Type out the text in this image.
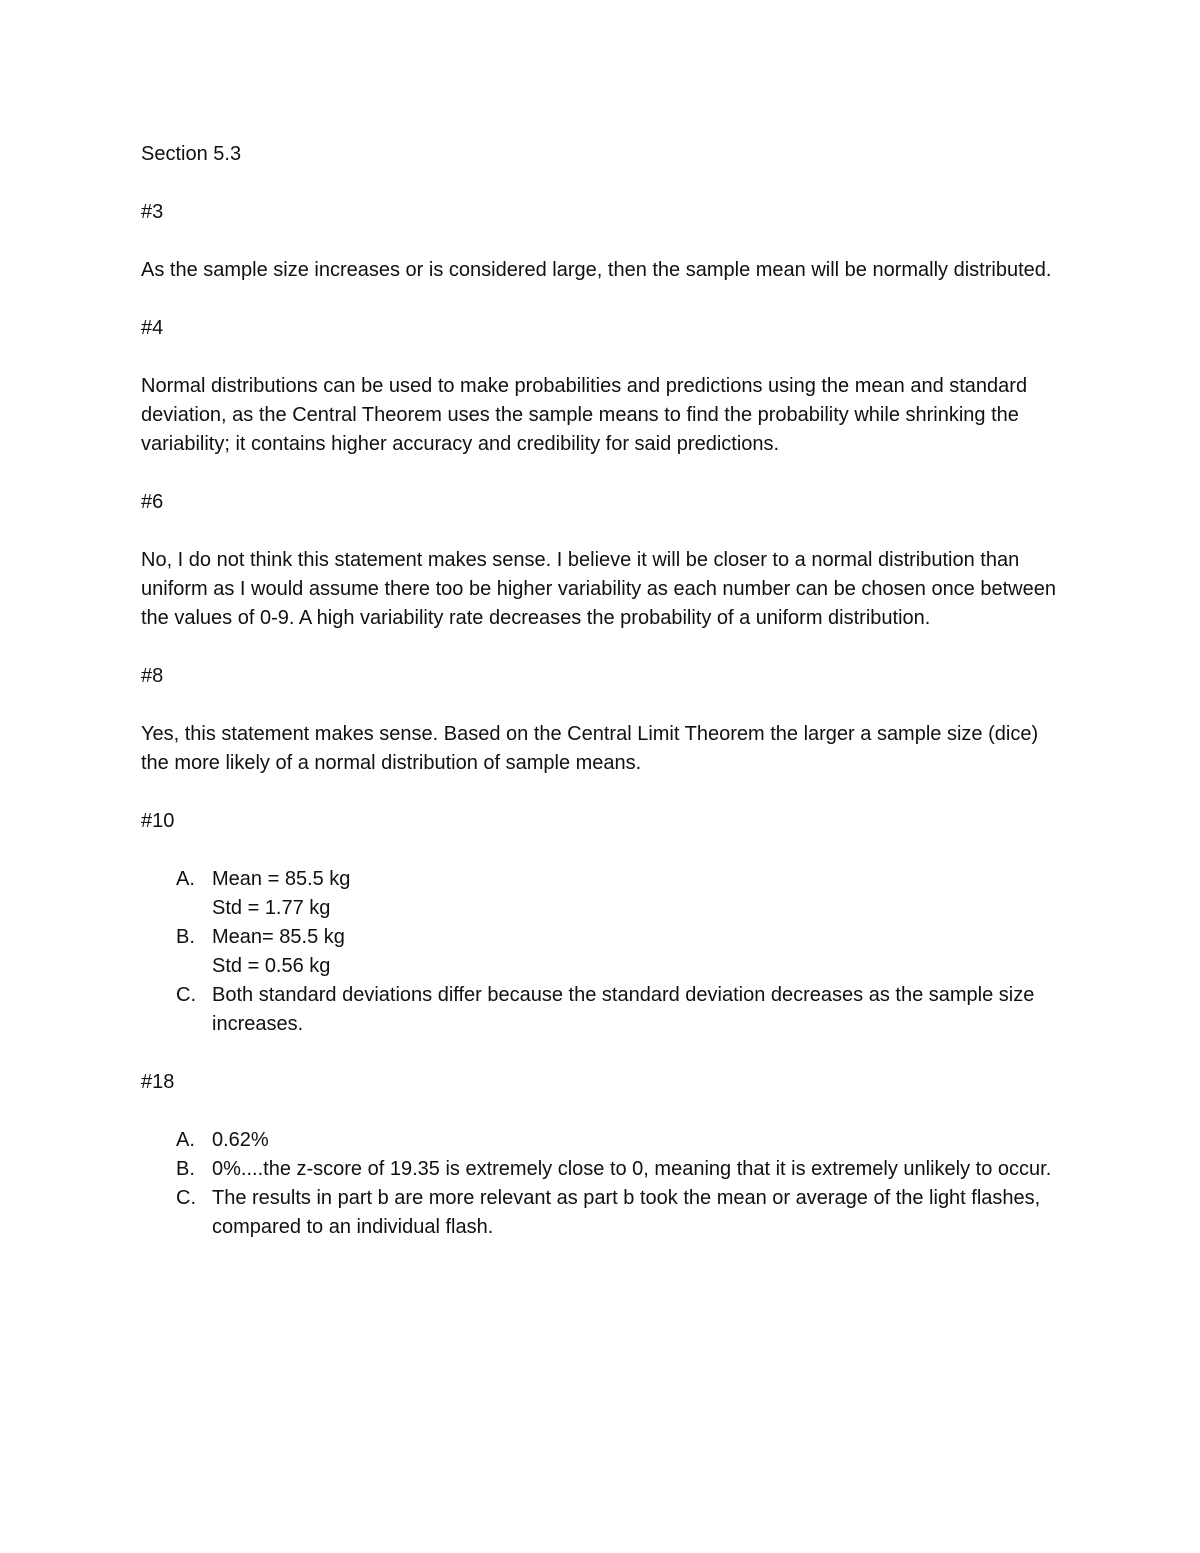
Section 5.3
#3
As the sample size increases or is considered large, then the sample mean will be normally distributed.
#4
Normal distributions can be used to make probabilities and predictions using the mean and standard deviation, as the Central Theorem uses the sample means to find the probability while shrinking the variability; it contains higher accuracy and credibility for said predictions.
#6
No, I do not think this statement makes sense. I believe it will be closer to a normal distribution than uniform as I would assume there too be higher variability as each number can be chosen once between the values of 0-9. A high variability rate decreases the probability of a uniform distribution.
#8
Yes, this statement makes sense. Based on the Central Limit Theorem the larger a sample size (dice) the more likely of a normal distribution of sample means.
#10
A. Mean = 85.5 kg
Std = 1.77 kg
B. Mean= 85.5 kg
Std = 0.56 kg
C. Both standard deviations differ because the standard deviation decreases as the sample size increases.
#18
A. 0.62%
B. 0%....the z-score of 19.35 is extremely close to 0, meaning that it is extremely unlikely to occur.
C. The results in part b are more relevant as part b took the mean or average of the light flashes, compared to an individual flash.
